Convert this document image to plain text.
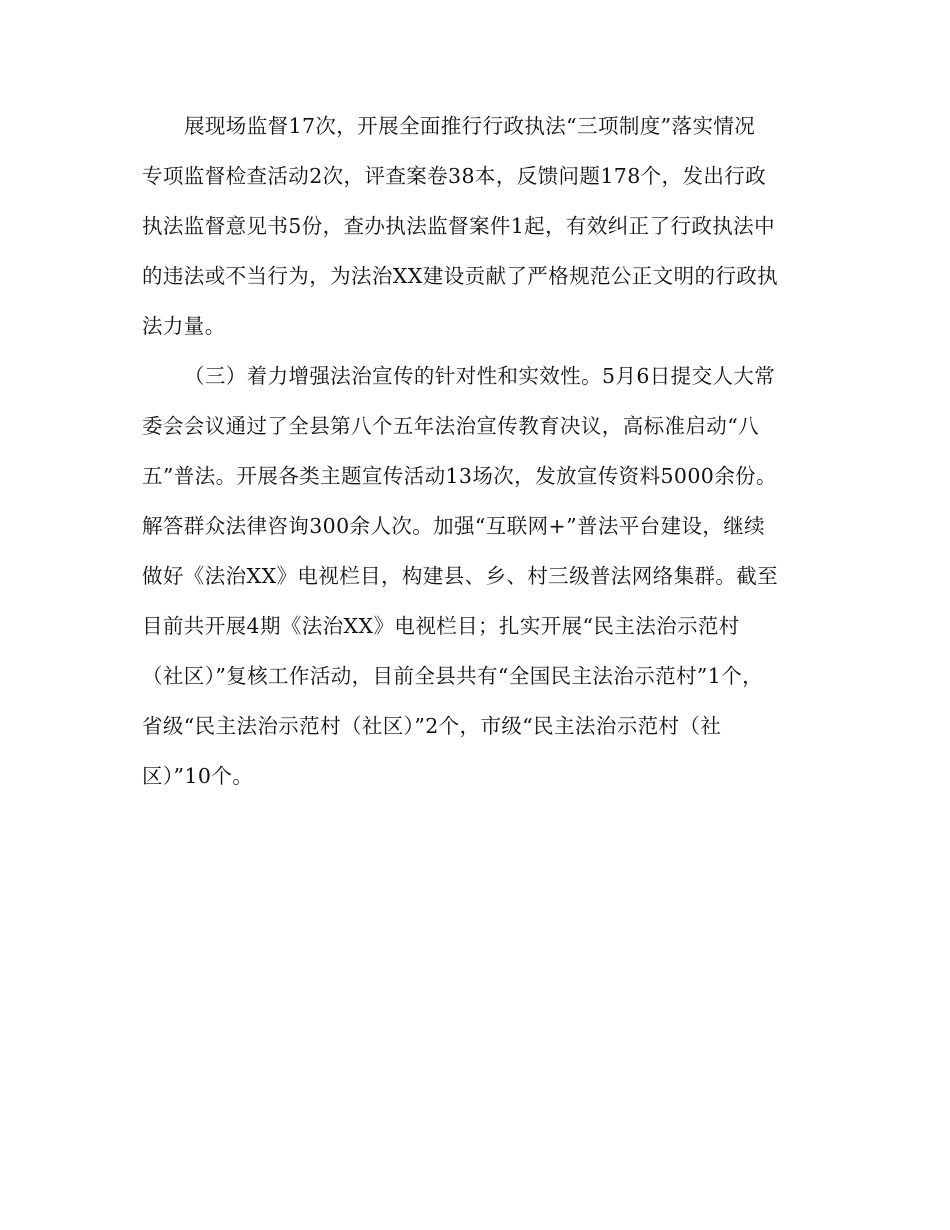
展现场监督17次，开展全面推行行政执法“三项制度”落实情况
专项监督检查活动2次，评查案卷38本，反馈问题178个，发出行政
执法监督意见书5份，查办执法监督案件1起，有效纠正了行政执法中
的违法或不当行为，为法治XX建设贡献了严格规范公正文明的行政执
法力量。
（三）着力增强法治宣传的针对性和实效性。5月6日提交人大常
委会会议通过了全县第八个五年法治宣传教育决议，高标准启动“八
五”普法。开展各类主题宣传活动13场次，发放宣传资料5000余份。
解答群众法律咨询300余人次。加强“互联网+”普法平台建设，继续
做好《法治XX》电视栏目，构建县、乡、村三级普法网络集群。截至
目前共开展4期《法治XX》电视栏目；扎实开展“民主法治示范村
（社区）”复核工作活动，目前全县共有“全国民主法治示范村”1个，
省级“民主法治示范村（社区）”2个，市级“民主法治示范村（社
区）”10个。
